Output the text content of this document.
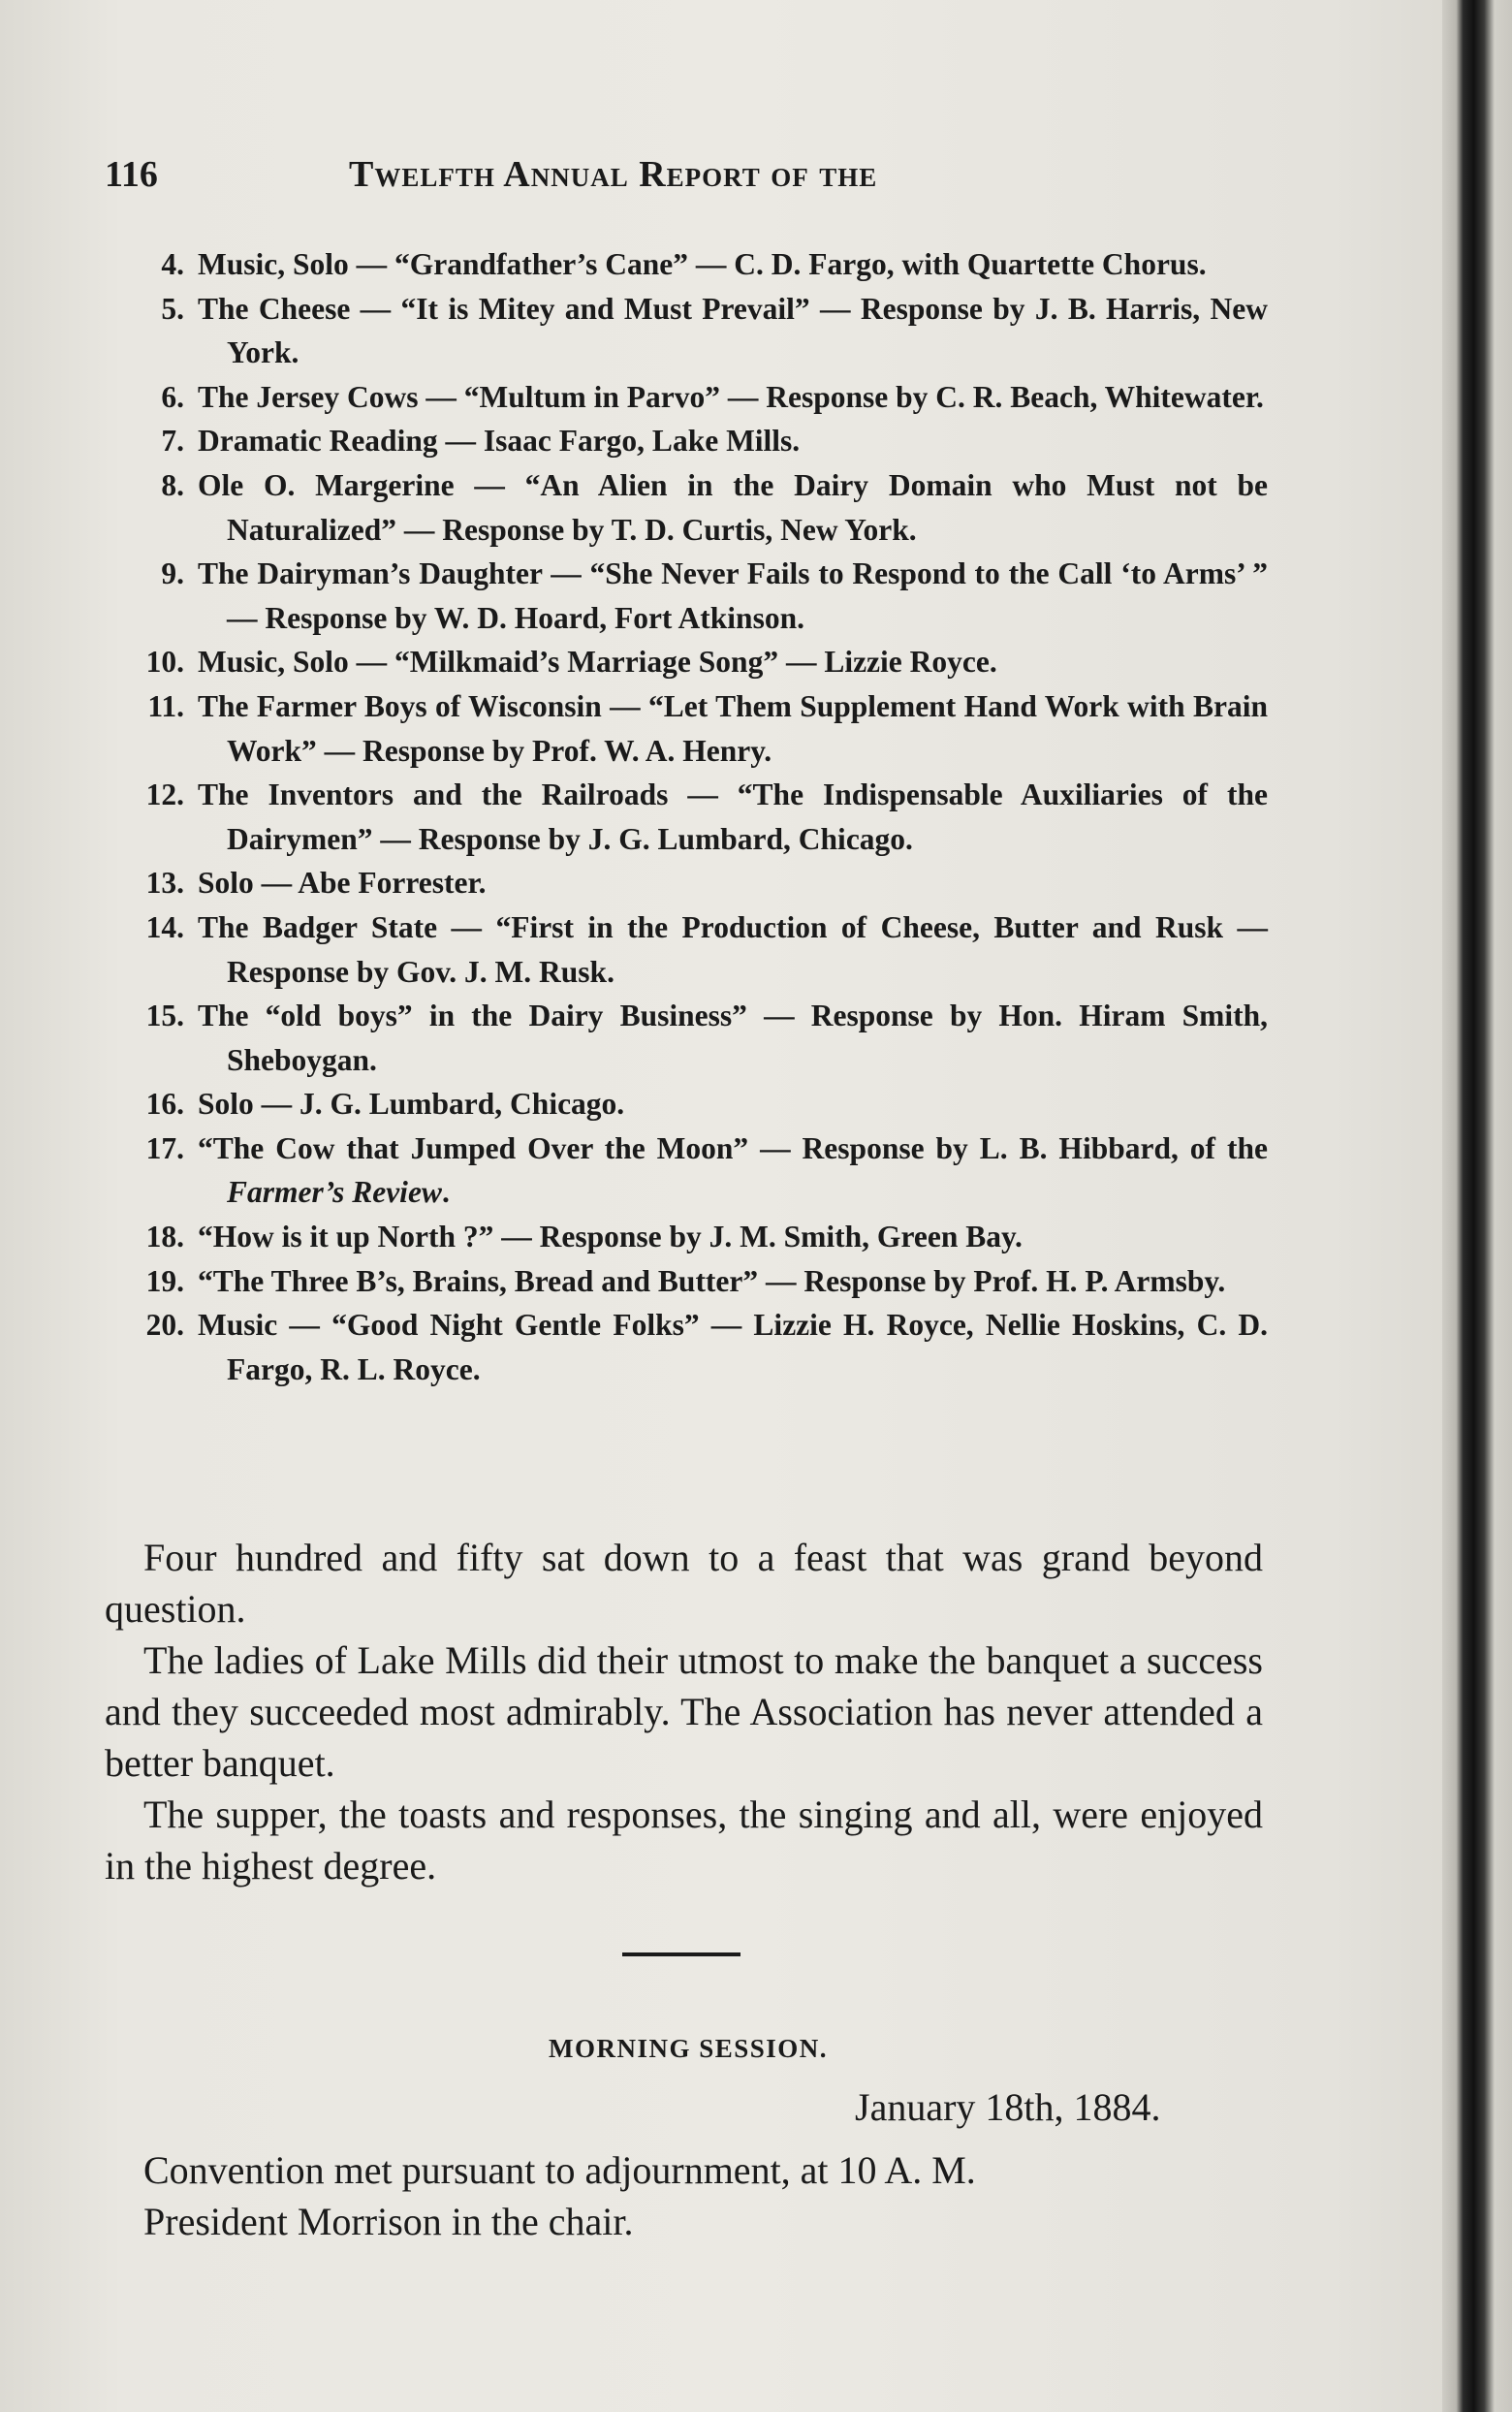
116	Twelfth Annual Report of the
4. Music, Solo — “Grandfather’s Cane” — C. D. Fargo, with Quartette Chorus.
5. The Cheese — “It is Mitey and Must Prevail” — Response by J. B. Harris, New York.
6. The Jersey Cows — “Multum in Parvo” — Response by C. R. Beach, Whitewater.
7. Dramatic Reading — Isaac Fargo, Lake Mills.
8. Ole O. Margerine — “An Alien in the Dairy Domain who Must not be Naturalized” — Response by T. D. Curtis, New York.
9. The Dairyman’s Daughter — “She Never Fails to Respond to the Call ‘to Arms’ ” — Response by W. D. Hoard, Fort Atkinson.
10. Music, Solo — “Milkmaid’s Marriage Song” — Lizzie Royce.
11. The Farmer Boys of Wisconsin — “Let Them Supplement Hand Work with Brain Work” — Response by Prof. W. A. Henry.
12. The Inventors and the Railroads — “The Indispensable Auxiliaries of the Dairymen” — Response by J. G. Lumbard, Chicago.
13. Solo — Abe Forrester.
14. The Badger State — “First in the Production of Cheese, Butter and Rusk — Response by Gov. J. M. Rusk.
15. The “old boys” in the Dairy Business” — Response by Hon. Hiram Smith, Sheboygan.
16. Solo — J. G. Lumbard, Chicago.
17. “The Cow that Jumped Over the Moon” — Response by L. B. Hibbard, of the Farmer’s Review.
18. “How is it up North ?” — Response by J. M. Smith, Green Bay.
19. “The Three B’s, Brains, Bread and Butter” — Response by Prof. H. P. Armsby.
20. Music — “Good Night Gentle Folks” — Lizzie H. Royce, Nellie Hoskins, C. D. Fargo, R. L. Royce.

Four hundred and fifty sat down to a feast that was grand beyond question.

The ladies of Lake Mills did their utmost to make the banquet a success and they succeeded most admirably. The Association has never attended a better banquet.

The supper, the toasts and responses, the singing and all, were enjoyed in the highest degree.

MORNING SESSION.
January 18th, 1884.
Convention met pursuant to adjournment, at 10 A. M.
President Morrison in the chair.
